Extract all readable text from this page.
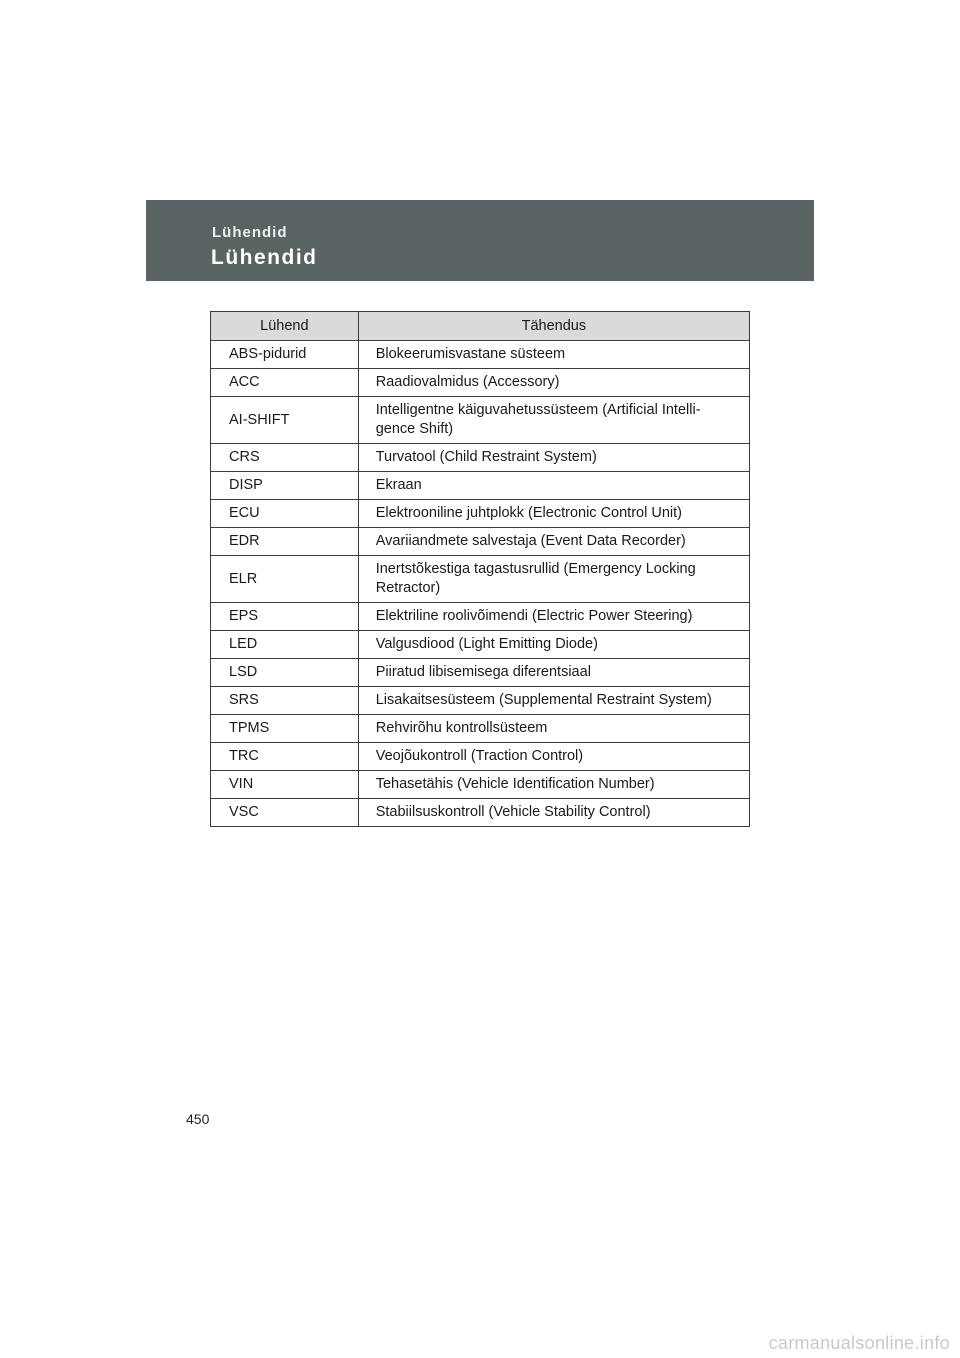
Lühendid
Lühendid
Lühend	Tähendus
ABS-pidurid	Blokeerumisvastane süsteem
ACC	Raadiovalmidus (Accessory)
AI-SHIFT	Intelligentne käiguvahetussüsteem (Artificial Intelli-
gence Shift)
CRS	Turvatool (Child Restraint System)
DISP	Ekraan
ECU	Elektrooniline juhtplokk (Electronic Control Unit)
EDR	Avariiandmete salvestaja (Event Data Recorder)
ELR	Inertstõkestiga tagastusrullid (Emergency Locking
Retractor)
EPS	Elektriline roolivõimendi (Electric Power Steering)
LED	Valgusdiood (Light Emitting Diode)
LSD	Piiratud libisemisega diferentsiaal
SRS	Lisakaitsesüsteem (Supplemental Restraint System)
TPMS	Rehvirõhu kontrollsüsteem
TRC	Veojõukontroll (Traction Control)
VIN	Tehasetähis (Vehicle Identification Number)
VSC	Stabiilsuskontroll (Vehicle Stability Control)
450
carmanualsonline.info
